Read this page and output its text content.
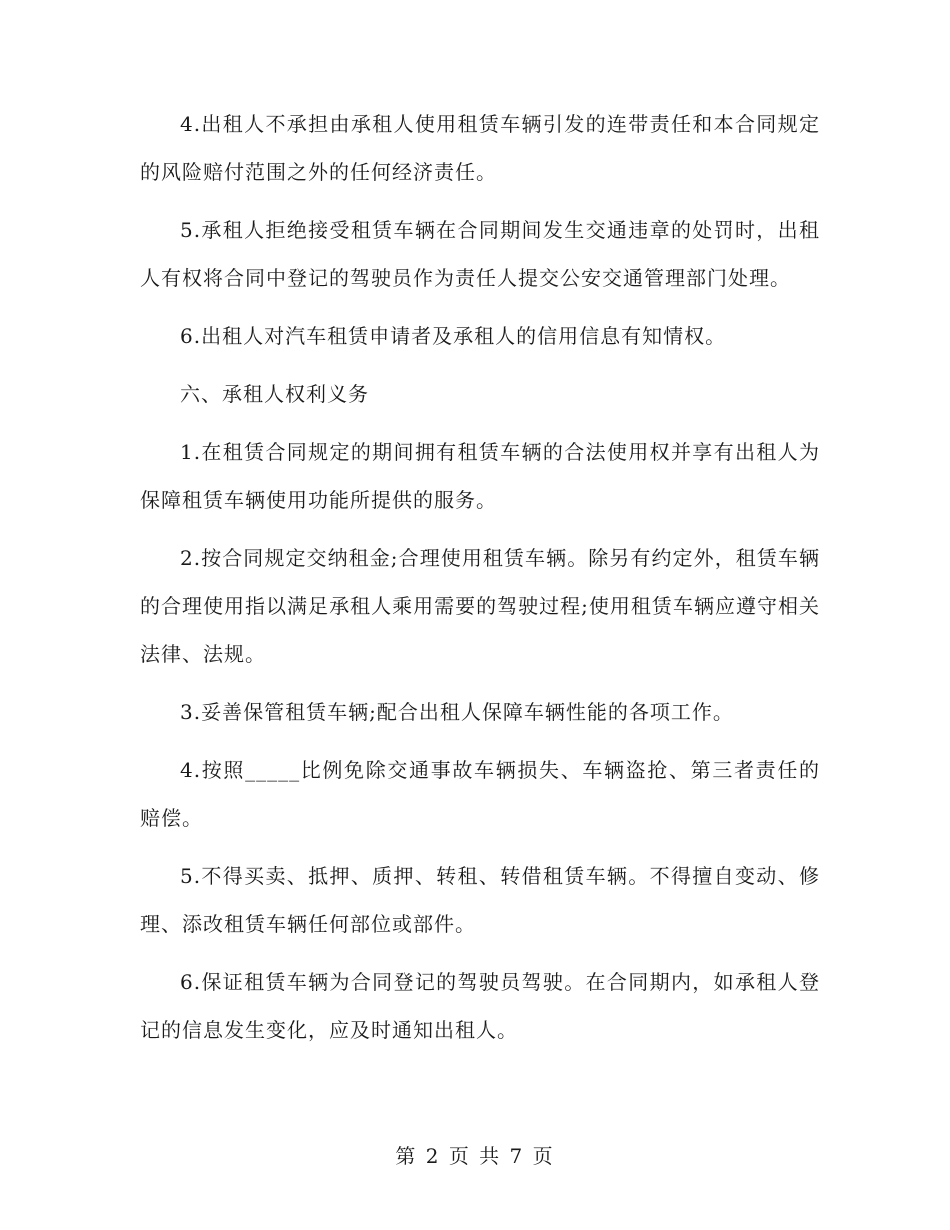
4.出租人不承担由承租人使用租赁车辆引发的连带责任和本合同规定的风险赔付范围之外的任何经济责任。

5.承租人拒绝接受租赁车辆在合同期间发生交通违章的处罚时，出租人有权将合同中登记的驾驶员作为责任人提交公安交通管理部门处理。

6.出租人对汽车租赁申请者及承租人的信用信息有知情权。

六、承租人权利义务

1.在租赁合同规定的期间拥有租赁车辆的合法使用权并享有出租人为保障租赁车辆使用功能所提供的服务。

2.按合同规定交纳租金;合理使用租赁车辆。除另有约定外，租赁车辆的合理使用指以满足承租人乘用需要的驾驶过程;使用租赁车辆应遵守相关法律、法规。

3.妥善保管租赁车辆;配合出租人保障车辆性能的各项工作。

4.按照_____比例免除交通事故车辆损失、车辆盗抢、第三者责任的赔偿。

5.不得买卖、抵押、质押、转租、转借租赁车辆。不得擅自变动、修理、添改租赁车辆任何部位或部件。

6.保证租赁车辆为合同登记的驾驶员驾驶。在合同期内，如承租人登记的信息发生变化，应及时通知出租人。

第 2 页 共 7 页
